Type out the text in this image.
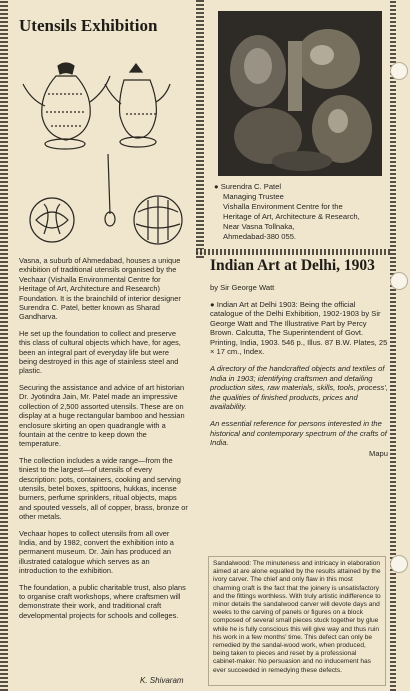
Utensils Exhibition
● Surendra C. Patel
Managing Trustee
Vishalla Environment Centre for the
Heritage of Art, Architecture & Research,
Near Vasna Tollnaka,
Ahmedabad-380 055.

Vasna, a suburb of Ahmedabad, houses a unique exhibition of traditional utensils organised by the Vechaar (Vishalla Environmental Centre for Heritage of Art, Architecture and Research) Foundation. It is the brainchild of interior designer Surendra C. Patel, better known as Sharad Gandharva.

He set up the foundation to collect and preserve this class of cultural objects which have, for ages, been an integral part of everyday life but were being destroyed in this age of stainless steel and plastic.

Securing the assistance and advice of art historian Dr. Jyotindra Jain, Mr. Patel made an impressive collection of 2,500 assorted utensils. These are on display at a huge rectangular bamboo and hessian enclosure skirting an open quadrangle with a fountain at the centre to keep down the temperature.

The collection includes a wide range—from the tiniest to the largest—of utensils of every description: pots, containers, cooking and serving utensils, betel boxes, spittoons, hukkas, incense burners, perfume sprinklers, ritual objects, maps and spouted vessels, all of copper, brass, bronze or other metals.

Vechaar hopes to collect utensils from all over India, and by 1982, convert the exhibition into a permanent museum. Dr. Jain has produced an illustrated catalogue which serves as an introduction to the exhibition.

The foundation, a public charitable trust, also plans to organise craft workshops, where craftsmen will demonstrate their work, and traditional craft developmental projects for schools and colleges.

K. Shivaram
Indian Art at Delhi, 1903
by Sir George Watt
● Indian Art at Delhi 1903: Being the official catalogue of the Delhi Exhibition, 1902-1903 by Sir George Watt and The Illustrative Part by Percy Brown. Calcutta, The Superintendent of Govt. Printing, India, 1903. 546 p., Illus. 87 B.W. Plates, 25 × 17 cm., Index.
A directory of the handcrafted objects and textiles of India in 1903; identifying craftsmen and detailing production sites, raw materials, skills, tools, process', the qualities of finished products, prices and availability.
An essential reference for persons interested in the historical and contemporary spectrum of the crafts of India.
Mapu
Sandalwood: The minuteness and intricacy in elaboration aimed at are alone equalled by the results attained by the ivory carver. The chief and only flaw in this most charming craft is the fact that the joinery is unsatisfactory and the fittings worthless. With truly artistic indifference to minor details the sandalwood carver will devote days and weeks to the carving of panels or figures on a block composed of several small pieces stuck together by glue while he is fully conscious this will give way and thus ruin his work in a few months' time. This defect can only be remedied by the sandal-wood work, when produced, being taken to pieces and reset by a professional cabinet-maker. No persuasion and no inducement has ever succeeded in remedying these defects.
